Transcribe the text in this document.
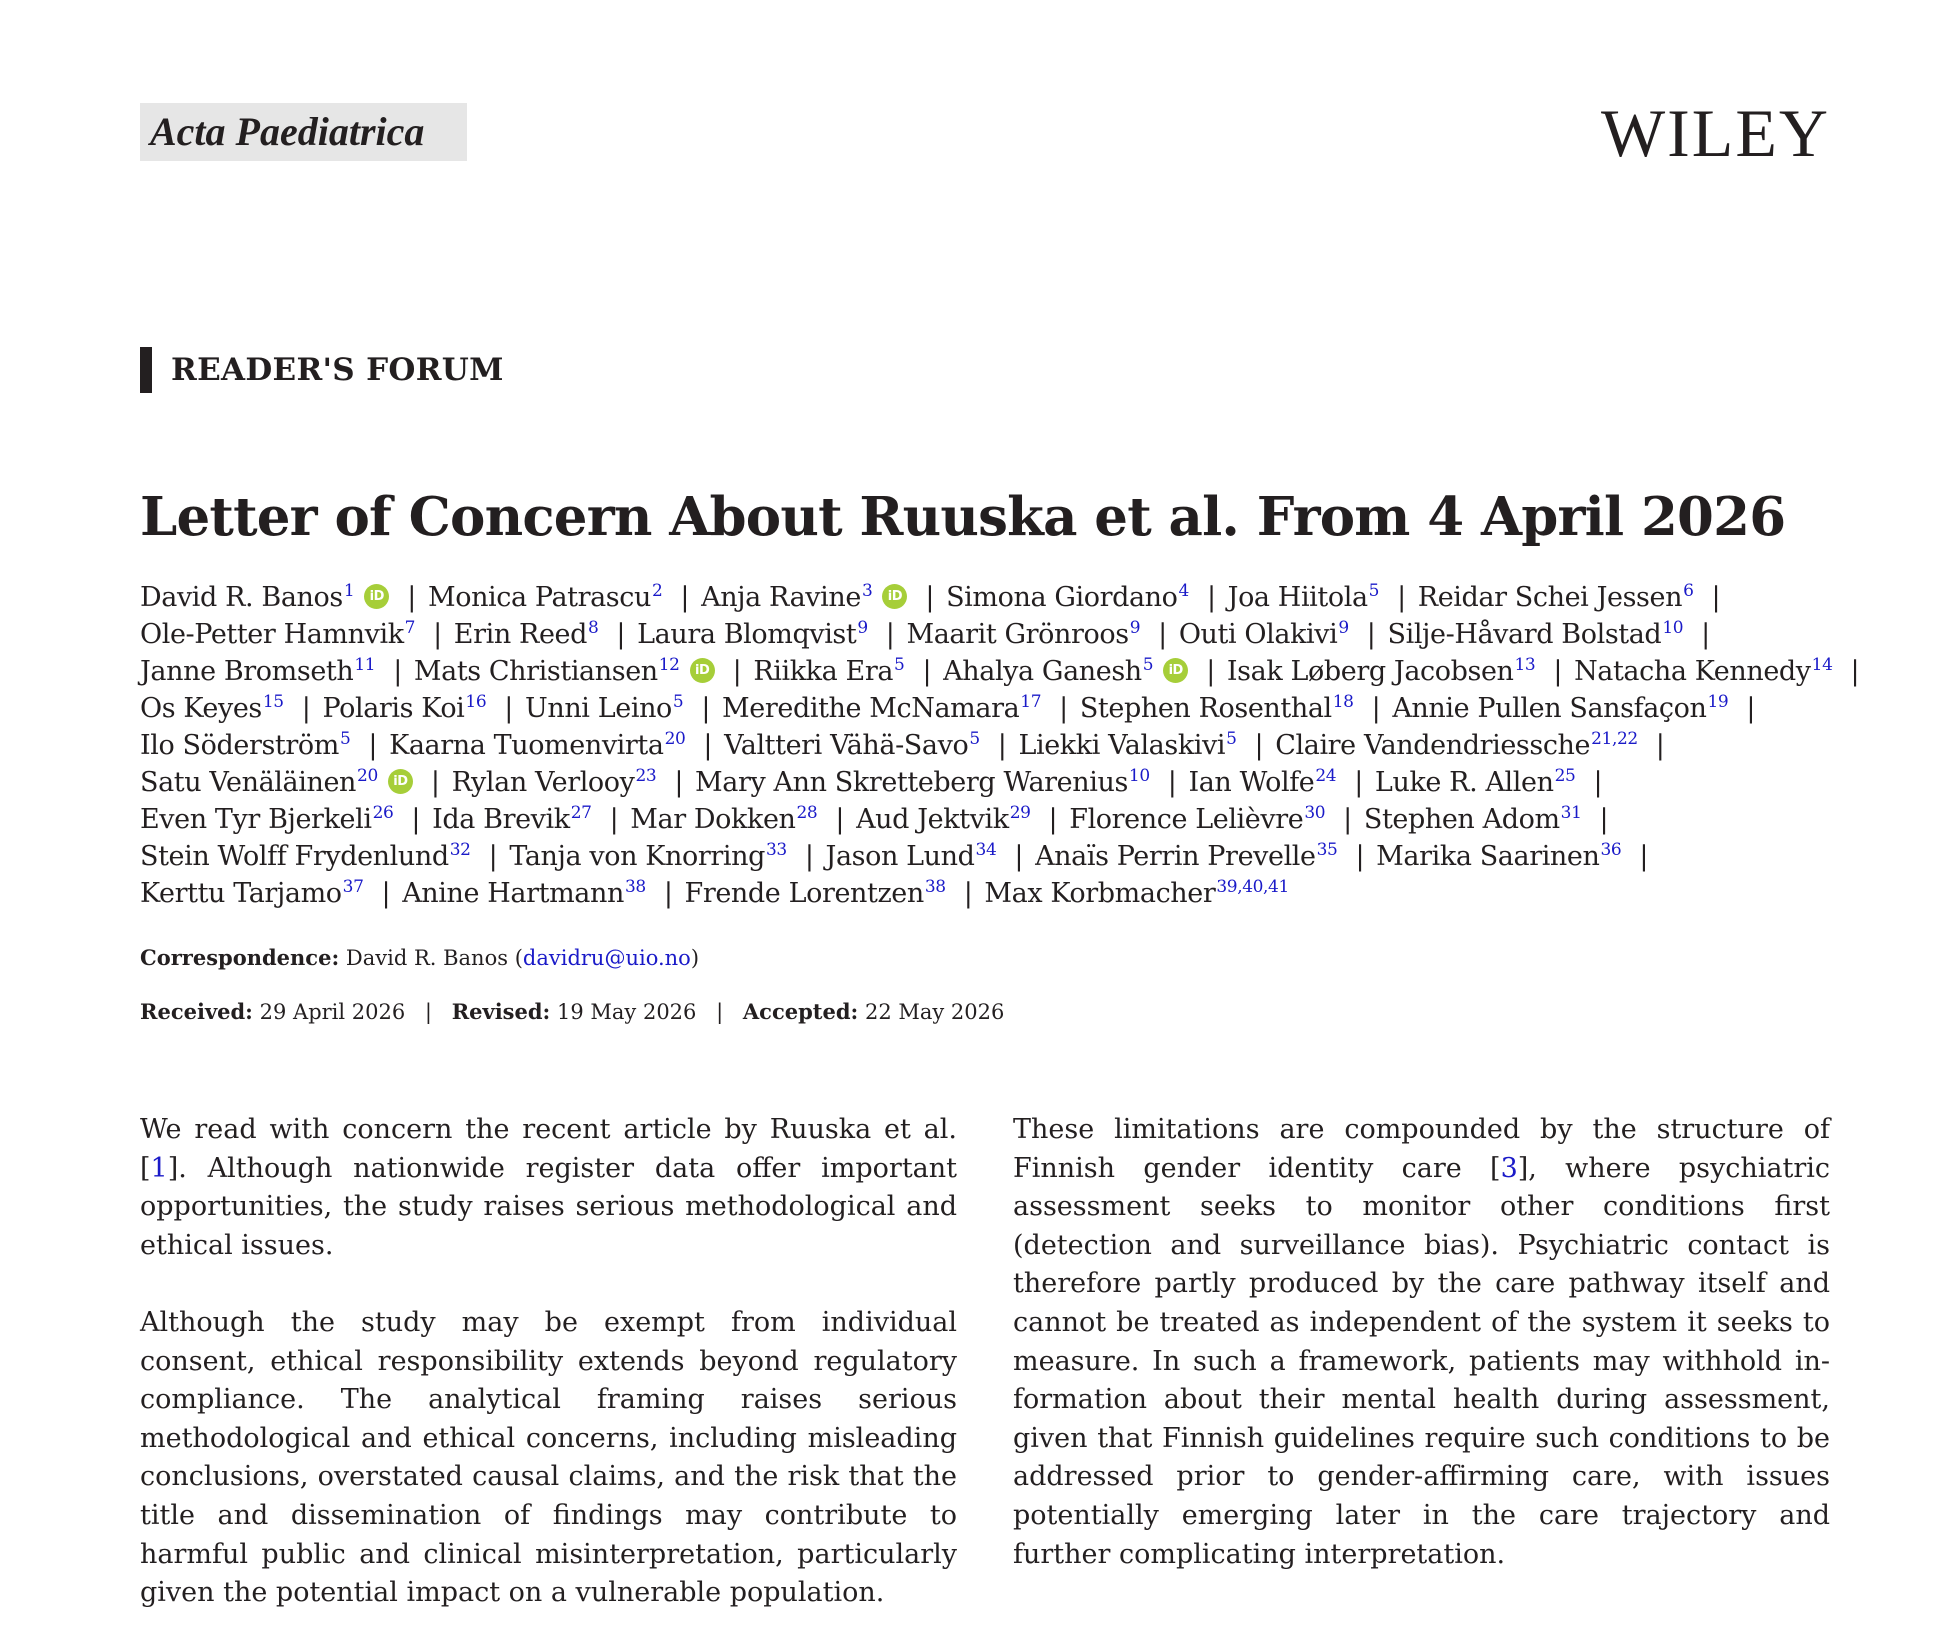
Acta Paediatrica	WILEY
READER'S FORUM
Letter of Concern About Ruuska et al. From 4 April 2026
David R. Banos$^1$ iD | Monica Patrascu$^2$ | Anja Ravine$^3$ iD | Simona Giordano$^4$ | Joa Hiitola$^5$ | Reidar Schei Jessen$^6$ |
Ole-Petter Hamnvik$^7$ | Erin Reed$^8$ | Laura Blomqvist$^9$ | Maarit Grönroos$^9$ | Outi Olakivi$^9$ | Silje-Håvard Bolstad$^{10}$ |
Janne Bromseth$^{11}$ | Mats Christiansen$^{12}$ iD | Riikka Era$^5$ | Ahalya Ganesh$^5$ iD | Isak Løberg Jacobsen$^{13}$ | Natacha Kennedy$^{14}$ |
Os Keyes$^{15}$ | Polaris Koi$^{16}$ | Unni Leino$^5$ | Meredithe McNamara$^{17}$ | Stephen Rosenthal$^{18}$ | Annie Pullen Sansfaçon$^{19}$ |
Ilo Söderström$^5$ | Kaarna Tuomenvirta$^{20}$ | Valtteri Vähä-Savo$^5$ | Liekki Valaskivi$^5$ | Claire Vandendriessche$^{21,22}$ |
Satu Venäläinen$^{20}$ iD | Rylan Verlooy$^{23}$ | Mary Ann Skretteberg Warenius$^{10}$ | Ian Wolfe$^{24}$ | Luke R. Allen$^{25}$ |
Even Tyr Bjerkeli$^{26}$ | Ida Brevik$^{27}$ | Mar Dokken$^{28}$ | Aud Jektvik$^{29}$ | Florence Lelièvre$^{30}$ | Stephen Adom$^{31}$ |
Stein Wolff Frydenlund$^{32}$ | Tanja von Knorring$^{33}$ | Jason Lund$^{34}$ | Anaïs Perrin Prevelle$^{35}$ | Marika Saarinen$^{36}$ |
Kerttu Tarjamo$^{37}$ | Anine Hartmann$^{38}$ | Frende Lorentzen$^{38}$ | Max Korbmacher$^{39,40,41}$
Correspondence: David R. Banos (davidru@uio.no)
Received: 29 April 2026 | Revised: 19 May 2026 | Accepted: 22 May 2026

We read with concern the recent article by Ruuska et al. [1]. Although nationwide register data offer important opportunities, the study raises serious methodological and ethical issues.

Although the study may be exempt from individual consent, ethical responsibility extends beyond regulatory compliance. The analytical framing raises serious methodological and ethical concerns, including misleading conclusions, overstated causal claims, and the risk that the title and dissemination of findings may contribute to harmful public and clinical misinterpretation, particularly given the potential impact on a vulnerable population.

These limitations are compounded by the structure of Finnish gender identity care [3], where psychiatric assessment seeks to monitor other conditions first (detection and surveillance bias). Psychiatric contact is therefore partly produced by the care pathway itself and cannot be treated as independent of the system it seeks to measure. In such a framework, patients may withhold information about their mental health during assessment, given that Finnish guidelines require such conditions to be addressed prior to gender-affirming care, with issues potentially emerging later in the care trajectory and further complicating interpretation.
